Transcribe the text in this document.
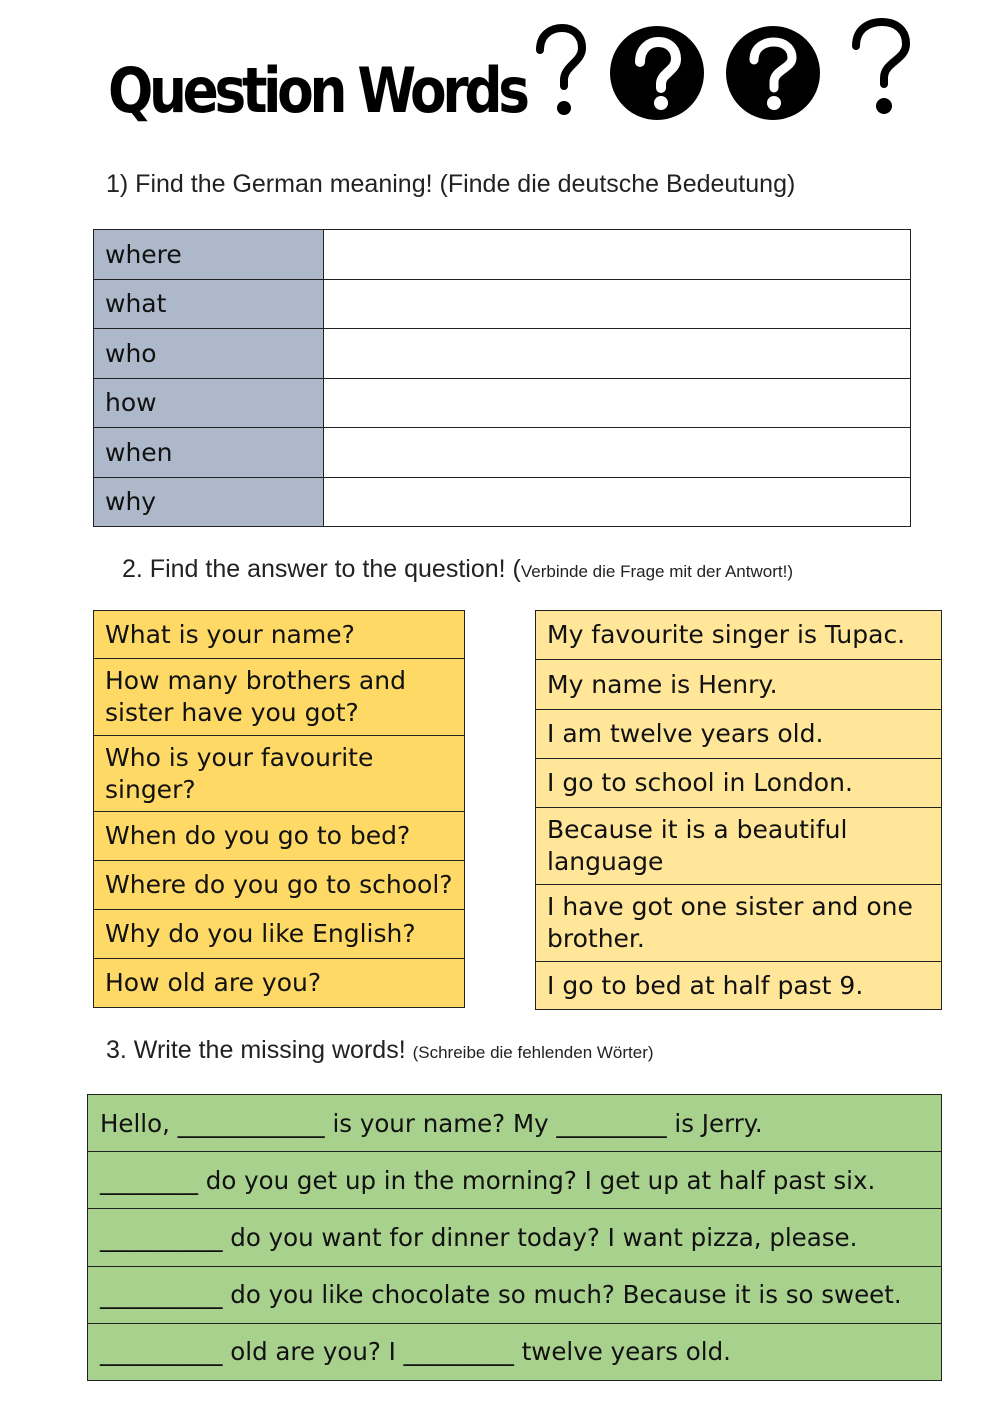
Question Words
1) Find the German meaning! (Finde die deutsche Bedeutung)
where	
what	
who	
how	
when	
why	
2. Find the answer to the question! (Verbinde die Frage mit der Antwort!)
What is your name?
How many brothers and sister have you got?
Who is your favourite singer?
When do you go to bed?
Where do you go to school?
Why do you like English?
How old are you?
My favourite singer is Tupac.
My name is Henry.
I am twelve years old.
I go to school in London.
Because it is a beautiful language
I have got one sister and one brother.
I go to bed at half past 9.
3. Write the missing words! (Schreibe die fehlenden Wörter)
Hello, ____________ is your name? My _________ is Jerry.
________ do you get up in the morning? I get up at half past six.
__________ do you want for dinner today? I want pizza, please.
__________ do you like chocolate so much? Because it is so sweet.
__________ old are you? I _________ twelve years old.
